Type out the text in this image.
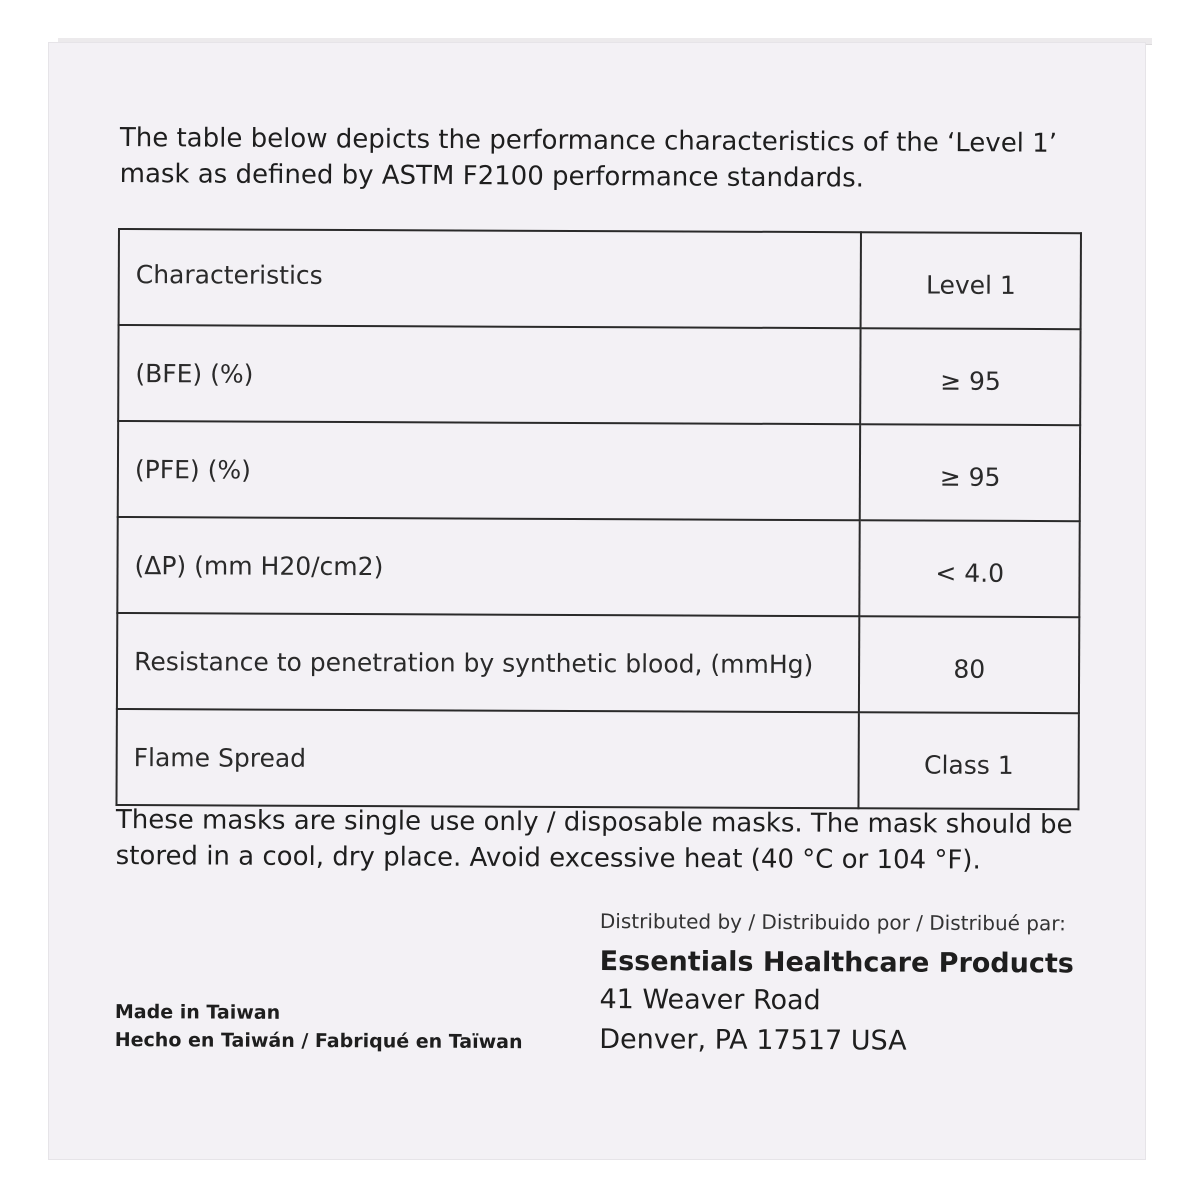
The table below depicts the performance characteristics of the ‘Level 1’ mask as defined by ASTM F2100 performance standards.
Characteristics	Level 1
(BFE) (%)	≥ 95
(PFE) (%)	≥ 95
(ΔP) (mm H20/cm2)	< 4.0
Resistance to penetration by synthetic blood, (mmHg)	80
Flame Spread	Class 1
These masks are single use only / disposable masks. The mask should be stored in a cool, dry place. Avoid excessive heat (40 °C or 104 °F).
Made in Taiwan
Hecho en Taiwán / Fabriqué en Taïwan
Distributed by / Distribuido por / Distribué par:
Essentials Healthcare Products
41 Weaver Road
Denver, PA 17517 USA
